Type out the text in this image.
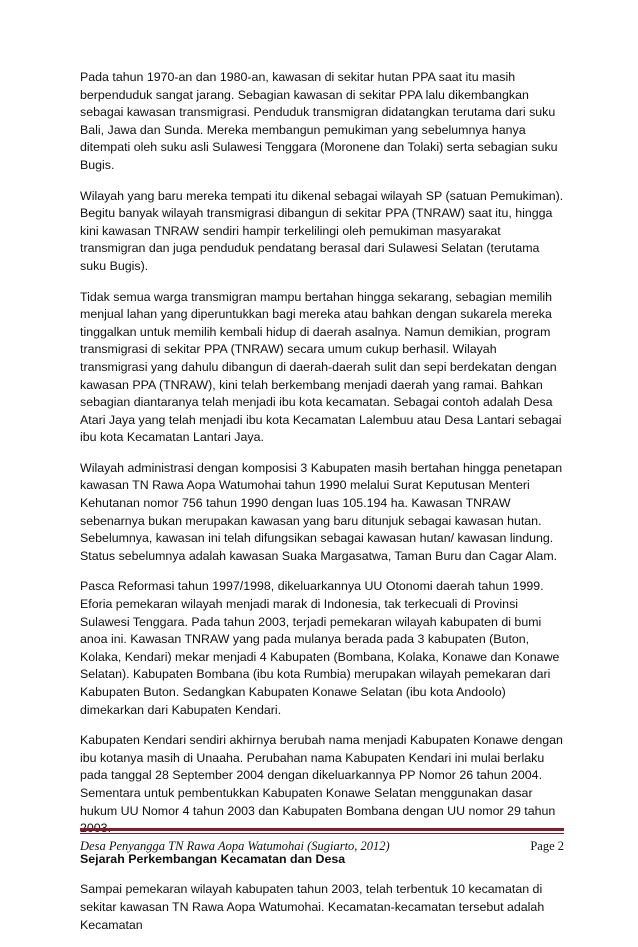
Pada tahun 1970-an dan 1980-an, kawasan di sekitar hutan PPA saat itu masih berpenduduk sangat jarang. Sebagian kawasan di sekitar PPA lalu dikembangkan sebagai kawasan transmigrasi. Penduduk transmigran didatangkan terutama dari suku Bali, Jawa dan Sunda. Mereka membangun pemukiman yang sebelumnya hanya ditempati oleh suku asli Sulawesi Tenggara (Moronene dan Tolaki) serta sebagian suku Bugis.

Wilayah yang baru mereka tempati itu dikenal sebagai wilayah SP (satuan Pemukiman). Begitu banyak wilayah transmigrasi dibangun di sekitar PPA (TNRAW) saat itu, hingga kini kawasan TNRAW sendiri hampir terkelilingi oleh pemukiman masyarakat transmigran dan juga penduduk pendatang berasal dari Sulawesi Selatan (terutama suku Bugis).

Tidak semua warga transmigran mampu bertahan hingga sekarang, sebagian memilih menjual lahan yang diperuntukkan bagi mereka atau bahkan dengan sukarela mereka tinggalkan untuk memilih kembali hidup di daerah asalnya. Namun demikian, program transmigrasi di sekitar PPA (TNRAW) secara umum cukup berhasil. Wilayah transmigrasi yang dahulu dibangun di daerah-daerah sulit dan sepi berdekatan dengan kawasan PPA (TNRAW), kini telah berkembang menjadi daerah yang ramai. Bahkan sebagian diantaranya telah menjadi ibu kota kecamatan. Sebagai contoh adalah Desa Atari Jaya yang telah menjadi ibu kota Kecamatan Lalembuu atau Desa Lantari sebagai ibu kota Kecamatan Lantari Jaya.

Wilayah administrasi dengan komposisi 3 Kabupaten masih bertahan hingga penetapan kawasan TN Rawa Aopa Watumohai tahun 1990 melalui Surat Keputusan Menteri Kehutanan nomor 756 tahun 1990 dengan luas 105.194 ha. Kawasan TNRAW sebenarnya bukan merupakan kawasan yang baru ditunjuk sebagai kawasan hutan. Sebelumnya, kawasan ini telah difungsikan sebagai kawasan hutan/ kawasan lindung. Status sebelumnya adalah kawasan Suaka Margasatwa, Taman Buru dan Cagar Alam.

Pasca Reformasi tahun 1997/1998, dikeluarkannya UU Otonomi daerah tahun 1999. Eforia pemekaran wilayah menjadi marak di Indonesia, tak terkecuali di Provinsi Sulawesi Tenggara. Pada tahun 2003, terjadi pemekaran wilayah kabupaten di bumi anoa ini. Kawasan TNRAW yang pada mulanya berada pada 3 kabupaten (Buton, Kolaka, Kendari) mekar menjadi 4 Kabupaten (Bombana, Kolaka, Konawe dan Konawe Selatan). Kabupaten Bombana (ibu kota Rumbia) merupakan wilayah pemekaran dari Kabupaten Buton. Sedangkan Kabupaten Konawe Selatan (ibu kota Andoolo) dimekarkan dari Kabupaten Kendari.

Kabupaten Kendari sendiri akhirnya berubah nama menjadi Kabupaten Konawe dengan ibu kotanya masih di Unaaha. Perubahan nama Kabupaten Kendari ini mulai berlaku pada tanggal 28 September 2004 dengan dikeluarkannya PP Nomor 26 tahun 2004. Sementara untuk pembentukkan Kabupaten Konawe Selatan menggunakan dasar hukum UU Nomor 4 tahun 2003 dan Kabupaten Bombana dengan UU nomor 29 tahun

Sejarah Perkembangan Kecamatan dan Desa

Sampai pemekaran wilayah kabupaten tahun 2003, telah terbentuk 10 kecamatan di sekitar kawasan TN Rawa Aopa Watumohai. Kecamatan-kecamatan tersebut adalah Kecamatan

Desa Penyangga TN Rawa Aopa Watumohai (Sugiarto, 2012)	Page 2
